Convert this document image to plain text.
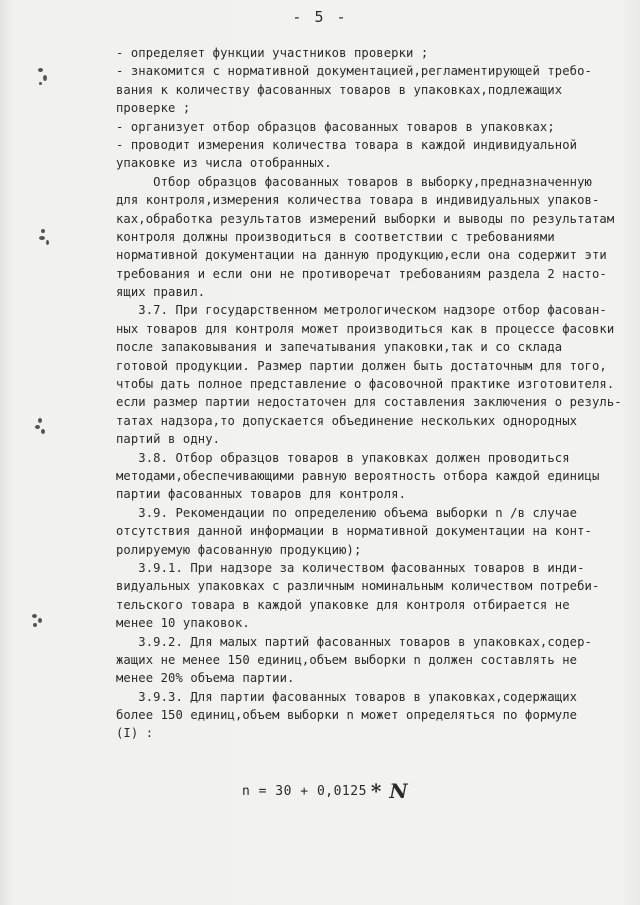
- 5 -
- определяет функции участников проверки ;
- знакомится с нормативной документацией,регламентирующей требо-
вания к количеству фасованных товаров в упаковках,подлежащих
проверке ;
- организует отбор образцов фасованных товаров в упаковках;
- проводит измерения количества товара в каждой индивидуальной
упаковке из числа отобранных.
Отбор образцов фасованных товаров в выборку,предназначенную
для контроля,измерения количества товара в индивидуальных упаков-
ках,обработка результатов измерений выборки и выводы по результатам
контроля должны производиться в соответствии с требованиями
нормативной документации на данную продукцию,если она содержит эти
требования и если они не противоречат требованиям раздела 2 насто-
ящих правил.
3.7. При государственном метрологическом надзоре отбор фасован-
ных товаров для контроля может производиться как в процессе фасовки
после запаковывания и запечатывания упаковки,так и со склада
готовой продукции. Размер партии должен быть достаточным для того,
чтобы дать полное представление о фасовочной практике изготовителя.
если размер партии недостаточен для составления заключения о резуль-
татах надзора,то допускается объединение нескольких однородных
партий в одну.
3.8. Отбор образцов товаров в упаковках должен проводиться
методами,обеспечивающими равную вероятность отбора каждой единицы
партии фасованных товаров для контроля.
3.9. Рекомендации по определению объема выборки n /в случае
отсутствия данной информации в нормативной документации на конт-
ролируемую фасованную продукцию);
3.9.1. При надзоре за количеством фасованных товаров в инди-
видуальных упаковках с различным номинальным количеством потреби-
тельского товара в каждой упаковке для контроля отбирается не
менее 10 упаковок.
3.9.2. Для малых партий фасованных товаров в упаковках,содер-
жащих не менее 150 единиц,объем выборки n должен составлять не
менее 20% объема партии.
3.9.3. Для партии фасованных товаров в упаковках,содержащих
более 150 единиц,объем выборки n может определяться по формуле
(I) :
n = 30 + 0,0125 * N
